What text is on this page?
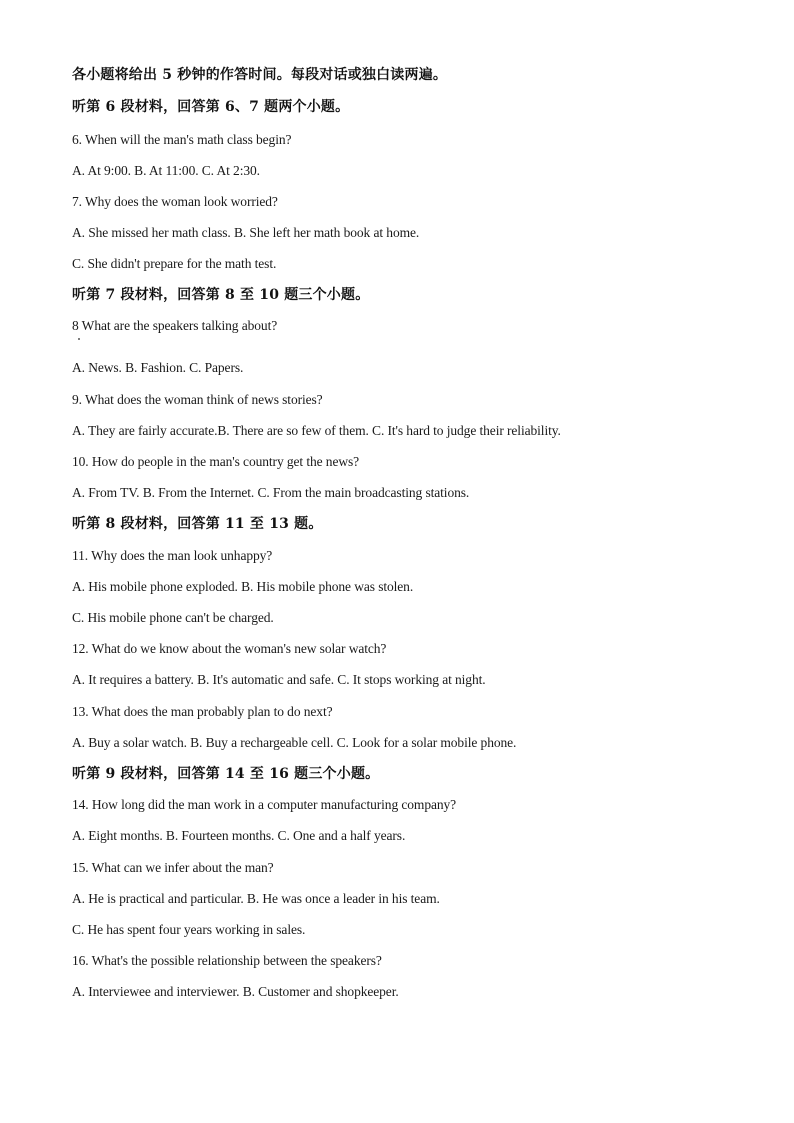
各小题将给出 5 秒钟的作答时间。每段对话或独白读两遍。
听第 6 段材料，回答第 6、7 题两个小题。
6. When will the man's math class begin?
A. At 9:00. B. At 11:00. C. At 2:30.
7. Why does the woman look worried?
A. She missed her math class. B. She left her math book at home.
C. She didn't prepare for the math test.
听第 7 段材料，回答第 8 至 10 题三个小题。
8 What are the speakers talking about?
A. News. B. Fashion. C. Papers.
9. What does the woman think of news stories?
A. They are fairly accurate.B. There are so few of them. C. It's hard to judge their reliability.
10. How do people in the man's country get the news?
A. From TV. B. From the Internet. C. From the main broadcasting stations.
听第 8 段材料，回答第 11 至 13 题。
11. Why does the man look unhappy?
A. His mobile phone exploded. B. His mobile phone was stolen.
C. His mobile phone can't be charged.
12. What do we know about the woman's new solar watch?
A. It requires a battery. B. It's automatic and safe. C. It stops working at night.
13. What does the man probably plan to do next?
A. Buy a solar watch. B. Buy a rechargeable cell. C. Look for a solar mobile phone.
听第 9 段材料，回答第 14 至 16 题三个小题。
14. How long did the man work in a computer manufacturing company?
A. Eight months. B. Fourteen months. C. One and a half years.
15. What can we infer about the man?
A. He is practical and particular. B. He was once a leader in his team.
C. He has spent four years working in sales.
16. What's the possible relationship between the speakers?
A. Interviewee and interviewer. B. Customer and shopkeeper.
